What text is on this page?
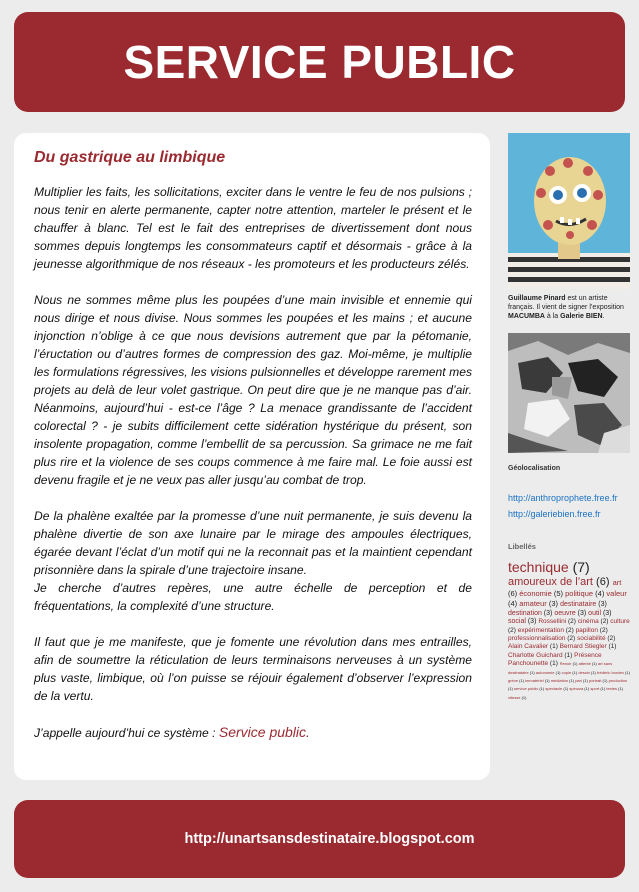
SERVICE PUBLIC
Du gastrique au limbique

Multiplier les faits, les sollicitations, exciter dans le ventre le feu de nos pulsions ; nous tenir en alerte permanente, capter notre attention, marteler le présent et le chauffer à blanc. Tel est le fait des entreprises de divertissement dont nous sommes depuis longtemps les consommateurs captif et désormais - grâce à la jeunesse algorithmique de nos réseaux - les promoteurs et les producteurs zélés.

Nous ne sommes même plus les poupées d’une main invisible et ennemie qui nous dirige et nous divise. Nous sommes les poupées et les mains ; et aucune injonction n’oblige à ce que nous devisions autrement que par la pétomanie, l’éructation ou d’autres formes de compression des gaz. Moi-même, je multiplie les formulations régressives, les visions pulsionnelles et développe rarement mes projets au delà de leur volet gastrique. On peut dire que je ne manque pas d’air. Néanmoins, aujourd’hui - est-ce l’âge ? La menace grandissante de l’accident colorectal ? - je subits difficilement cette sidération hystérique du présent, son insolente propagation, comme l’embellit de sa percussion. Sa grimace ne me fait plus rire et la violence de ses coups commence à me faire mal. Le foie aussi est devenu fragile et je ne veux pas aller jusqu’au combat de trop.

De la phalène exaltée par la promesse d’une nuit permanente, je suis devenu la phalène divertie de son axe lunaire par le mirage des ampoules électriques, égarée devant l’éclat d’un motif qui ne la reconnait pas et la maintient cependant prisonnière dans la spirale d’une trajectoire insane.
Je cherche d’autres repères, une autre échelle de perception et de fréquentations, la complexité d’une structure.

Il faut que je me manifeste, que je fomente une révolution dans mes entrailles, afin de soumettre la réticulation de leurs terminaisons nerveuses à un système plus vaste, limbique, où l’on puisse se réjouir également d’observer l’expression de la vertu.

J’appelle aujourd’hui ce système : Service public.

Guillaume Pinard est un artiste français. Il vient de signer l’exposition MACUMBA à la Galerie BIEN.
Géolocalisation
http://anthroprophete.free.fr
http://galeriebien.free.fr
Libellés
technique (7) amoureux de l’art (6) art (6) économie (5) politique (4) valeur (4) amateur (3) destinataire (3) destination (3) oeuvre (3) outil (3) social (3) Rossellini (2) cinéma (2) culture (2) expérimentation (2) papillon (2) professionnalisation (2) sociabilité (2) Alain Cavalier (1) Bernard Stiegler (1) Charlotte Guichard (1) Présence Panchounette (1) Renoir (1) attente (1) art sans destinataire (1) autonomie (1) copie (1) dessin (1) frédéric borden (1) grève (1) immatériel (1) médiation (1) pari (1) portrait (1) production (1) service public (1) spectacle (1) spinoza (1) sport (1) textes (1) vitesse (1)
http://unartsansdestinataire.blogspot.com
